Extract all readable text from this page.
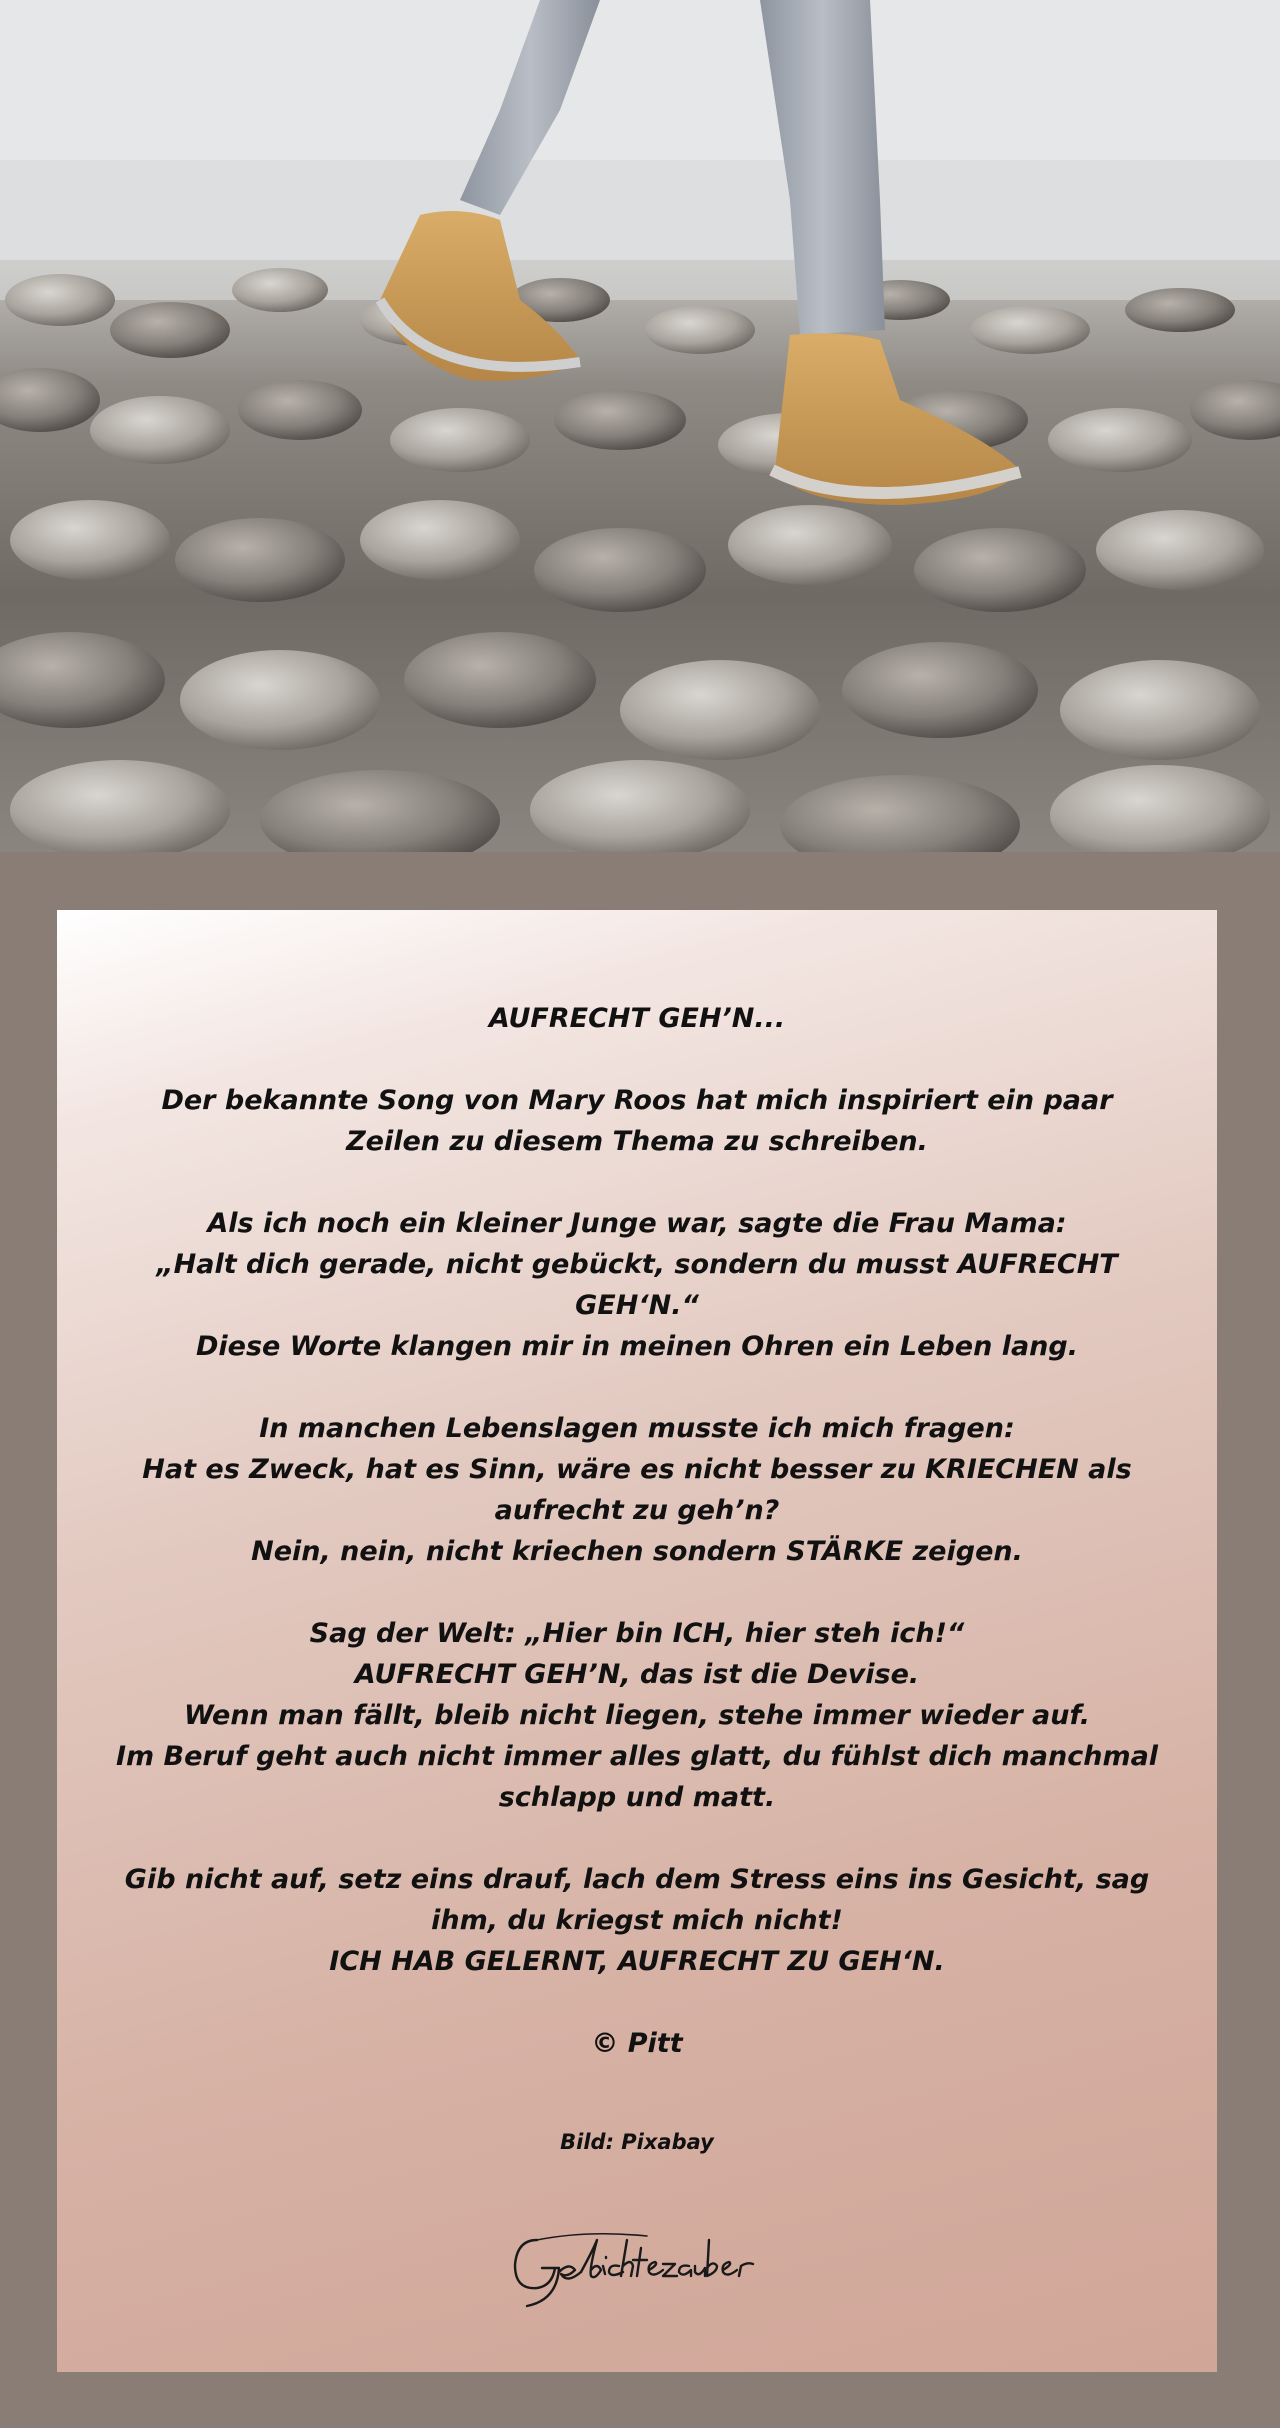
AUFRECHT GEH’N...
Der bekannte Song von Mary Roos hat mich inspiriert ein paar
Zeilen zu diesem Thema zu schreiben.
Als ich noch ein kleiner Junge war, sagte die Frau Mama:
„Halt dich gerade, nicht gebückt, sondern du musst AUFRECHT
GEH‘N.“
Diese Worte klangen mir in meinen Ohren ein Leben lang.
In manchen Lebenslagen musste ich mich fragen:
Hat es Zweck, hat es Sinn, wäre es nicht besser zu KRIECHEN als
aufrecht zu geh’n?
Nein, nein, nicht kriechen sondern STÄRKE zeigen.
Sag der Welt: „Hier bin ICH, hier steh ich!“
AUFRECHT GEH’N, das ist die Devise.
Wenn man fällt, bleib nicht liegen, stehe immer wieder auf.
Im Beruf geht auch nicht immer alles glatt, du fühlst dich manchmal
schlapp und matt.
Gib nicht auf, setz eins drauf, lach dem Stress eins ins Gesicht, sag
ihm, du kriegst mich nicht!
ICH HAB GELERNT, AUFRECHT ZU GEH‘N.
© Pitt
Bild: Pixabay
